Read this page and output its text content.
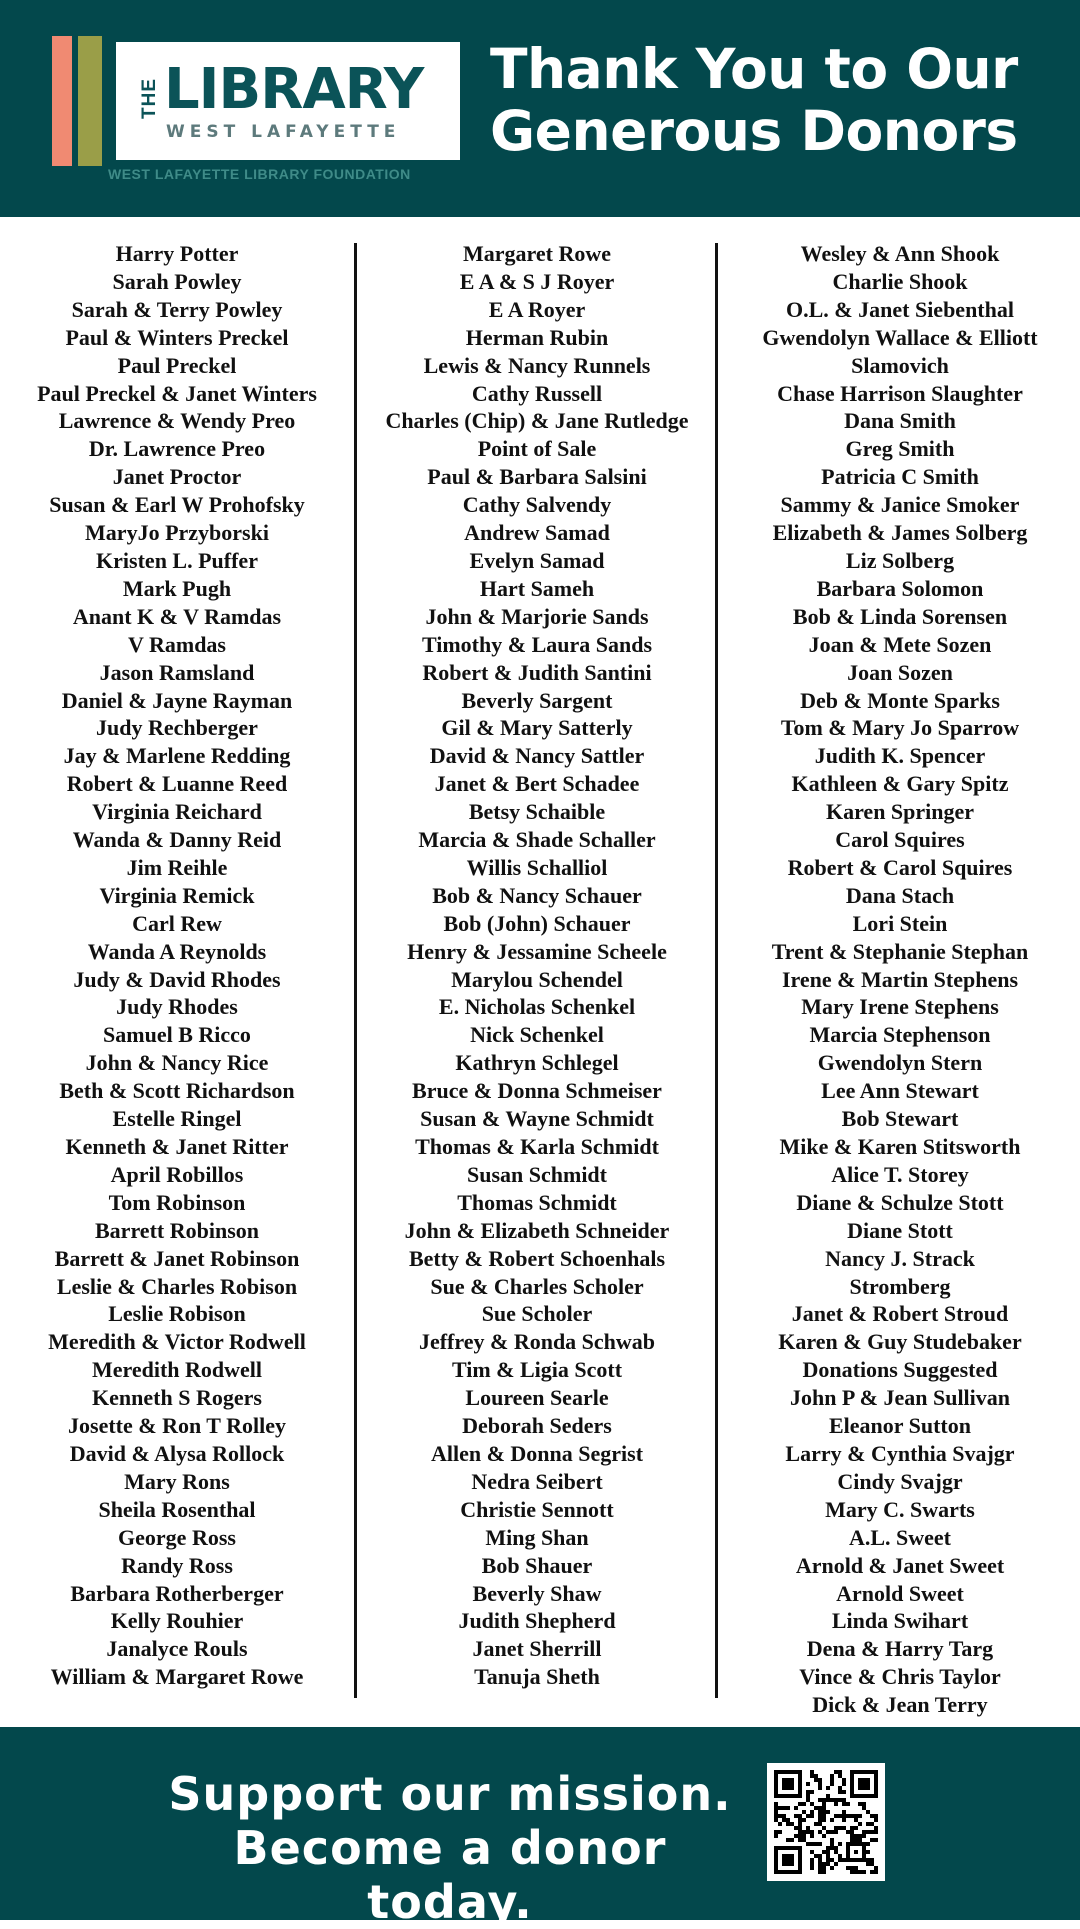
THE LIBRARY
WEST LAFAYETTE
WEST LAFAYETTE LIBRARY FOUNDATION
Thank You to Our
Generous Donors
Harry Potter
Sarah Powley
Sarah & Terry Powley
Paul & Winters Preckel
Paul Preckel
Paul Preckel & Janet Winters
Lawrence & Wendy Preo
Dr. Lawrence Preo
Janet Proctor
Susan & Earl W Prohofsky
MaryJo Przyborski
Kristen L. Puffer
Mark Pugh
Anant K & V Ramdas
V Ramdas
Jason Ramsland
Daniel & Jayne Rayman
Judy Rechberger
Jay & Marlene Redding
Robert & Luanne Reed
Virginia Reichard
Wanda & Danny Reid
Jim Reihle
Virginia Remick
Carl Rew
Wanda A Reynolds
Judy & David Rhodes
Judy Rhodes
Samuel B Ricco
John & Nancy Rice
Beth & Scott Richardson
Estelle Ringel
Kenneth & Janet Ritter
April Robillos
Tom Robinson
Barrett Robinson
Barrett & Janet Robinson
Leslie & Charles Robison
Leslie Robison
Meredith & Victor Rodwell
Meredith Rodwell
Kenneth S Rogers
Josette & Ron T Rolley
David & Alysa Rollock
Mary Rons
Sheila Rosenthal
George Ross
Randy Ross
Barbara Rotherberger
Kelly Rouhier
Janalyce Rouls
William & Margaret Rowe
Margaret Rowe
E A & S J Royer
E A Royer
Herman Rubin
Lewis & Nancy Runnels
Cathy Russell
Charles (Chip) & Jane Rutledge
Point of Sale
Paul & Barbara Salsini
Cathy Salvendy
Andrew Samad
Evelyn Samad
Hart Sameh
John & Marjorie Sands
Timothy & Laura Sands
Robert & Judith Santini
Beverly Sargent
Gil & Mary Satterly
David & Nancy Sattler
Janet & Bert Schadee
Betsy Schaible
Marcia & Shade Schaller
Willis Schalliol
Bob & Nancy Schauer
Bob (John) Schauer
Henry & Jessamine Scheele
Marylou Schendel
E. Nicholas Schenkel
Nick Schenkel
Kathryn Schlegel
Bruce & Donna Schmeiser
Susan & Wayne Schmidt
Thomas & Karla Schmidt
Susan Schmidt
Thomas Schmidt
John & Elizabeth Schneider
Betty & Robert Schoenhals
Sue & Charles Scholer
Sue Scholer
Jeffrey & Ronda Schwab
Tim & Ligia Scott
Loureen Searle
Deborah Seders
Allen & Donna Segrist
Nedra Seibert
Christie Sennott
Ming Shan
Bob Shauer
Beverly Shaw
Judith Shepherd
Janet Sherrill
Tanuja Sheth
Wesley & Ann Shook
Charlie Shook
O.L. & Janet Siebenthal
Gwendolyn Wallace & Elliott
Slamovich
Chase Harrison Slaughter
Dana Smith
Greg Smith
Patricia C Smith
Sammy & Janice Smoker
Elizabeth & James Solberg
Liz Solberg
Barbara Solomon
Bob & Linda Sorensen
Joan & Mete Sozen
Joan Sozen
Deb & Monte Sparks
Tom & Mary Jo Sparrow
Judith K. Spencer
Kathleen & Gary Spitz
Karen Springer
Carol Squires
Robert & Carol Squires
Dana Stach
Lori Stein
Trent & Stephanie Stephan
Irene & Martin Stephens
Mary Irene Stephens
Marcia Stephenson
Gwendolyn Stern
Lee Ann Stewart
Bob Stewart
Mike & Karen Stitsworth
Alice T. Storey
Diane & Schulze Stott
Diane Stott
Nancy J. Strack
Stromberg
Janet & Robert Stroud
Karen & Guy Studebaker
Donations Suggested
John P & Jean Sullivan
Eleanor Sutton
Larry & Cynthia Svajgr
Cindy Svajgr
Mary C. Swarts
A.L. Sweet
Arnold & Janet Sweet
Arnold Sweet
Linda Swihart
Dena & Harry Targ
Vince & Chris Taylor
Dick & Jean Terry
Support our mission.
Become a donor today.
